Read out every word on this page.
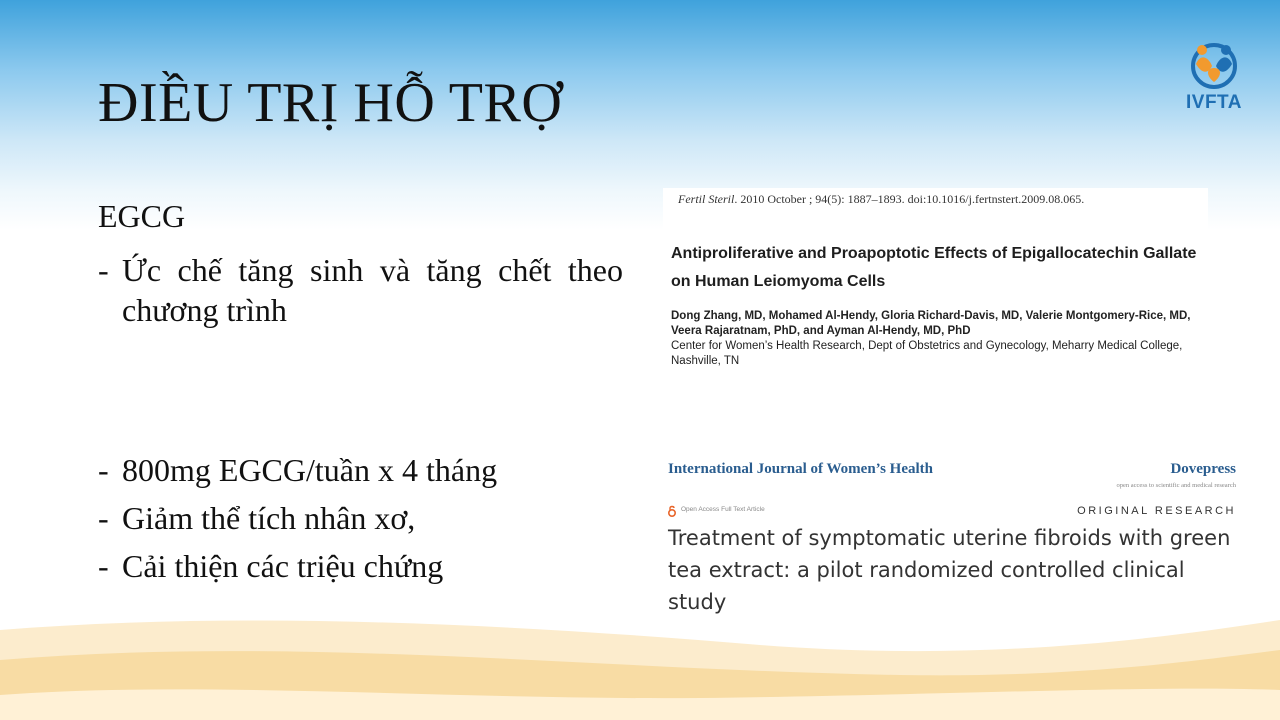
ĐIỀU TRỊ HỖ TRỢ	IVFTA
EGCG
- Ức chế tăng sinh và tăng chết theo chương trình
- 800mg EGCG/tuần x 4 tháng
- Giảm thể tích nhân xơ,
- Cải thiện các triệu chứng
Fertil Steril. 2010 October ; 94(5): 1887–1893. doi:10.1016/j.fertnstert.2009.08.065.
Antiproliferative and Proapoptotic Effects of Epigallocatechin Gallate on Human Leiomyoma Cells
Dong Zhang, MD, Mohamed Al-Hendy, Gloria Richard-Davis, MD, Valerie Montgomery-Rice, MD, Veera Rajaratnam, PhD, and Ayman Al-Hendy, MD, PhD
Center for Women’s Health Research, Dept of Obstetrics and Gynecology, Meharry Medical College, Nashville, TN
International Journal of Women’s Health	Dovepress
open access to scientific and medical research
Open Access Full Text Article	ORIGINAL RESEARCH
Treatment of symptomatic uterine fibroids with green tea extract: a pilot randomized controlled clinical study
